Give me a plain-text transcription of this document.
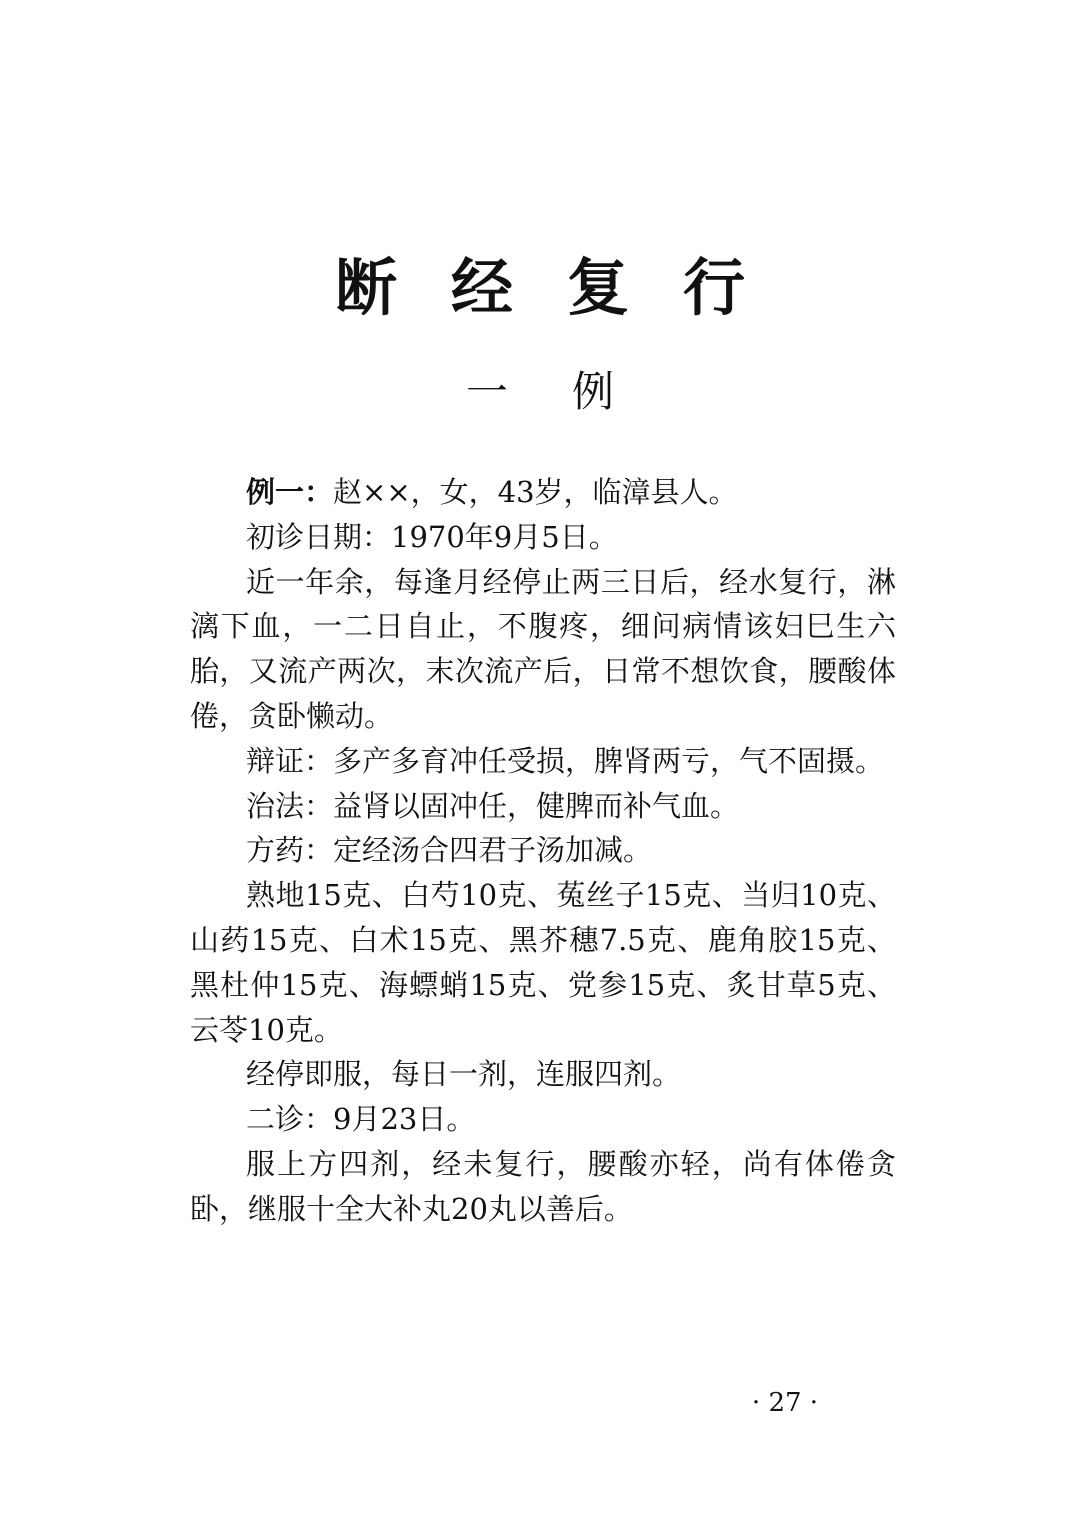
断经复行
一例

例一：赵××，女，43岁，临漳县人。

初诊日期：1970年9月5日。

近一年余，每逢月经停止两三日后，经水复行，淋漓下血，一二日自止，不腹疼，细问病情该妇巳生六胎，又流产两次，末次流产后，日常不想饮食，腰酸体倦，贪卧懒动。

辩证：多产多育冲任受损，脾肾两亏，气不固摄。

治法：益肾以固冲任，健脾而补气血。

方药：定经汤合四君子汤加减。

熟地15克、白芍10克、菟丝子15克、当归10克、山药15克、白术15克、黑芥穗7.5克、鹿角胶15克、黑杜仲15克、海螵蛸15克、党参15克、炙甘草5克、云苓10克。

经停即服，每日一剂，连服四剂。

二诊：9月23日。

服上方四剂，经未复行，腰酸亦轻，尚有体倦贪卧，继服十全大补丸20丸以善后。

· 27 ·
